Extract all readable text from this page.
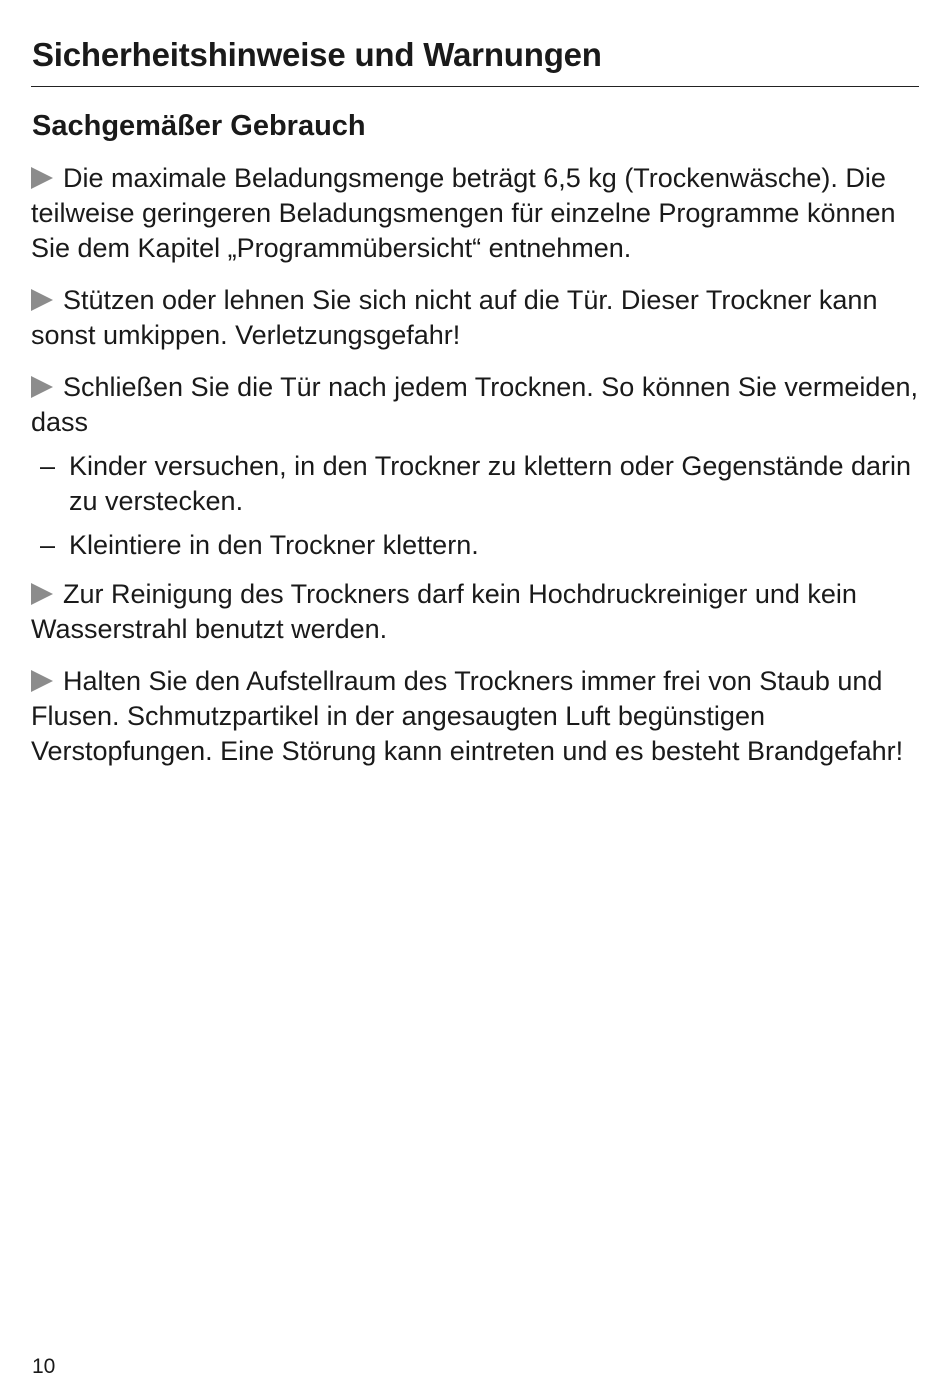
Sicherheitshinweise und Warnungen
Sachgemäßer Gebrauch

Die maximale Beladungsmenge beträgt 6,5 kg (Trockenwäsche). Die teilweise geringeren Beladungsmengen für einzelne Programme können Sie dem Kapitel „Programmübersicht“ entnehmen.

Stützen oder lehnen Sie sich nicht auf die Tür. Dieser Trockner kann sonst umkippen. Verletzungsgefahr!

Schließen Sie die Tür nach jedem Trocknen. So können Sie vermeiden, dass

– Kinder versuchen, in den Trockner zu klettern oder Gegenstände darin zu verstecken.
– Kleintiere in den Trockner klettern.

Zur Reinigung des Trockners darf kein Hochdruckreiniger und kein Wasserstrahl benutzt werden.

Halten Sie den Aufstellraum des Trockners immer frei von Staub und Flusen. Schmutzpartikel in der angesaugten Luft begünstigen Verstopfungen. Eine Störung kann eintreten und es besteht Brandgefahr!

10
